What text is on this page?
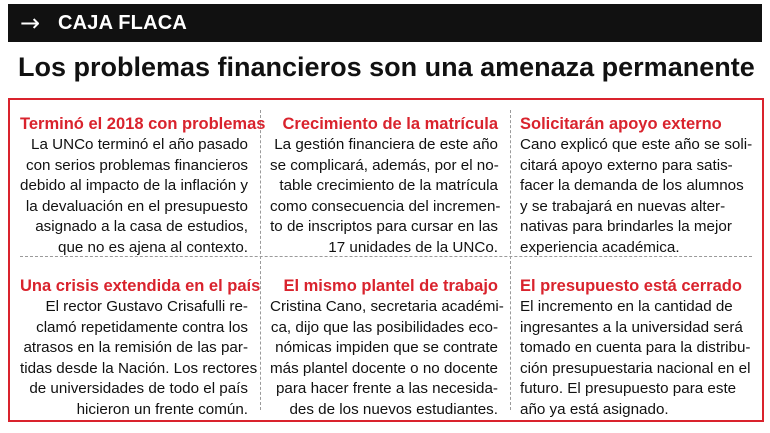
→ CAJA FLACA
Los problemas financieros son una amenaza permanente
Terminó el 2018 con problemas

La UNCo terminó el año pasado
con serios problemas financieros
debido al impacto de la inflación y
la devaluación en el presupuesto
asignado a la casa de estudios,
que no es ajena al contexto.

Una crisis extendida en el país

El rector Gustavo Crisafulli re-
clamó repetidamente contra los
atrasos en la remisión de las par-
tidas desde la Nación. Los rectores
de universidades de todo el país
hicieron un frente común.

Crecimiento de la matrícula

La gestión financiera de este año
se complicará, además, por el no-
table crecimiento de la matrícula
como consecuencia del incremen-
to de inscriptos para cursar en las
17 unidades de la UNCo.

El mismo plantel de trabajo

Cristina Cano, secretaria académi-
ca, dijo que las posibilidades eco-
nómicas impiden que se contrate
más plantel docente o no docente
para hacer frente a las necesida-
des de los nuevos estudiantes.

Solicitarán apoyo externo

Cano explicó que este año se soli-
citará apoyo externo para satis-
facer la demanda de los alumnos
y se trabajará en nuevas alter-
nativas para brindarles la mejor
experiencia académica.

El presupuesto está cerrado

El incremento en la cantidad de
ingresantes a la universidad será
tomado en cuenta para la distribu-
ción presupuestaria nacional en el
futuro. El presupuesto para este
año ya está asignado.
